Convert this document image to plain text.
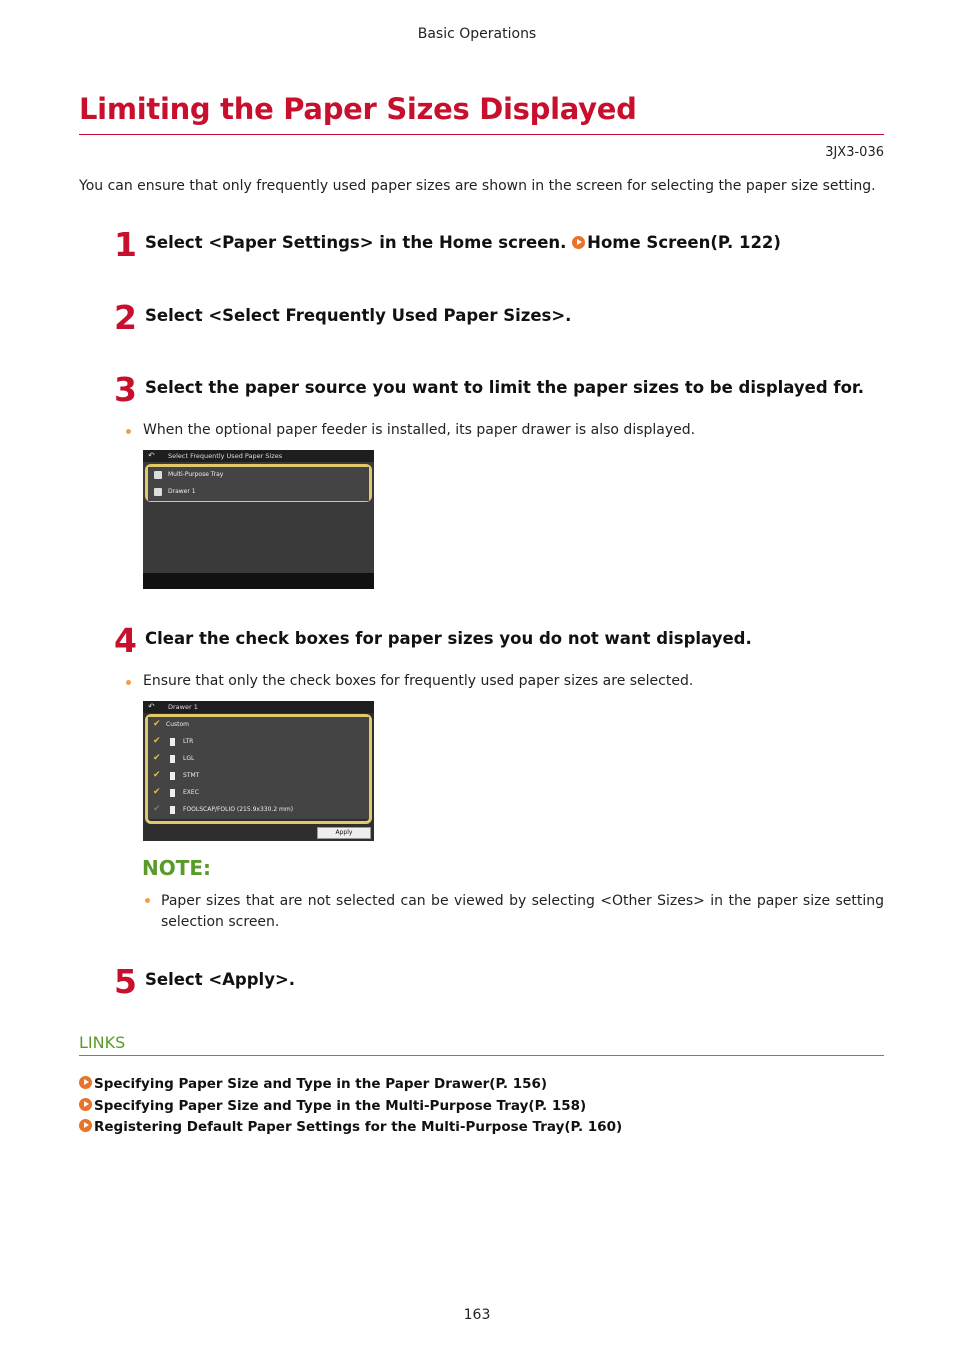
Basic Operations
Limiting the Paper Sizes Displayed
3JX3-036
You can ensure that only frequently used paper sizes are shown in the screen for selecting the paper size setting.
1 Select <Paper Settings> in the Home screen. Home Screen(P. 122)
2 Select <Select Frequently Used Paper Sizes>.
3 Select the paper source you want to limit the paper sizes to be displayed for.
When the optional paper feeder is installed, its paper drawer is also displayed.
↶ Select Frequently Used Paper Sizes
Multi-Purpose Tray
Drawer 1
4 Clear the check boxes for paper sizes you do not want displayed.
Ensure that only the check boxes for frequently used paper sizes are selected.
↶ Drawer 1
✔ Custom
✔	LTR
✔	LGL
✔	STMT
✔	EXEC
✔	FOOLSCAP/FOLIO (215.9x330.2 mm)
Apply
NOTE:
Paper sizes that are not selected can be viewed by selecting <Other Sizes> in the paper size setting selection screen.
5 Select <Apply>.
LINKS
Specifying Paper Size and Type in the Paper Drawer(P. 156)
Specifying Paper Size and Type in the Multi-Purpose Tray(P. 158)
Registering Default Paper Settings for the Multi-Purpose Tray(P. 160)
163
